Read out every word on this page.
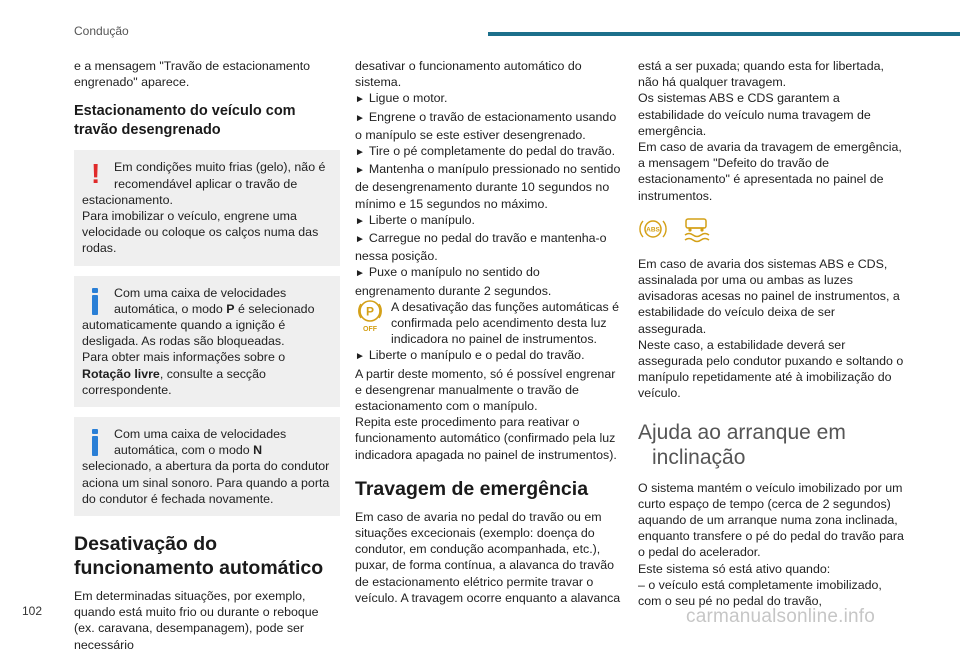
Condução

e a mensagem "Travão de estacionamento engrenado" aparece.

Estacionamento do veículo com travão desengrenado
!	Em condições muito frias (gelo), não é recomendável aplicar o travão de estacionamento.

Para imobilizar o veículo, engrene uma velocidade ou coloque os calços numa das rodas.

Com uma caixa de velocidades automática, o modo P é selecionado automaticamente quando a ignição é desligada. As rodas são bloqueadas.

Para obter mais informações sobre o Rotação livre, consulte a secção correspondente.

Com uma caixa de velocidades automática, com o modo N selecionado, a abertura da porta do condutor aciona um sinal sonoro. Para quando a porta do condutor é fechada novamente.

Desativação do funcionamento automático

Em determinadas situações, por exemplo, quando está muito frio ou durante o reboque (ex. caravana, desempanagem), pode ser necessário

desativar o funcionamento automático do sistema.

► Ligue o motor.

► Engrene o travão de estacionamento usando o manípulo se este estiver desengrenado.

► Tire o pé completamente do pedal do travão.

► Mantenha o manípulo pressionado no sentido de desengrenamento durante 10 segundos no mínimo e 15 segundos no máximo.

► Liberte o manípulo.

► Carregue no pedal do travão e mantenha-o nessa posição.

► Puxe o manípulo no sentido do engrenamento durante 2 segundos.

P
OFF

A desativação das funções automáticas é confirmada pelo acendimento desta luz indicadora no painel de instrumentos.

► Liberte o manípulo e o pedal do travão.

A partir deste momento, só é possível engrenar e desengrenar manualmente o travão de estacionamento com o manípulo.

Repita este procedimento para reativar o funcionamento automático (confirmado pela luz indicadora apagada no painel de instrumentos).

Travagem de emergência

Em caso de avaria no pedal do travão ou em situações excecionais (exemplo: doença do condutor, em condução acompanhada, etc.), puxar, de forma contínua, a alavanca do travão de estacionamento elétrico permite travar o veículo. A travagem ocorre enquanto a alavanca

está a ser puxada; quando esta for libertada, não há qualquer travagem.

Os sistemas ABS e CDS garantem a estabilidade do veículo numa travagem de emergência.

Em caso de avaria da travagem de emergência, a mensagem "Defeito do travão de estacionamento" é apresentada no painel de instrumentos.

ABS

Em caso de avaria dos sistemas ABS e CDS, assinalada por uma ou ambas as luzes avisadoras acesas no painel de instrumentos, a estabilidade do veículo deixa de ser assegurada.

Neste caso, a estabilidade deverá ser assegurada pelo condutor puxando e soltando o manípulo repetidamente até à imobilização do veículo.

Ajuda ao arranque em
inclinação

O sistema mantém o veículo imobilizado por um curto espaço de tempo (cerca de 2 segundos) aquando de um arranque numa zona inclinada, enquanto transfere o pé do pedal do travão para o pedal do acelerador.

Este sistema só está ativo quando:

– o veículo está completamente imobilizado, com o seu pé no pedal do travão,

102	carmanualsonline.info
